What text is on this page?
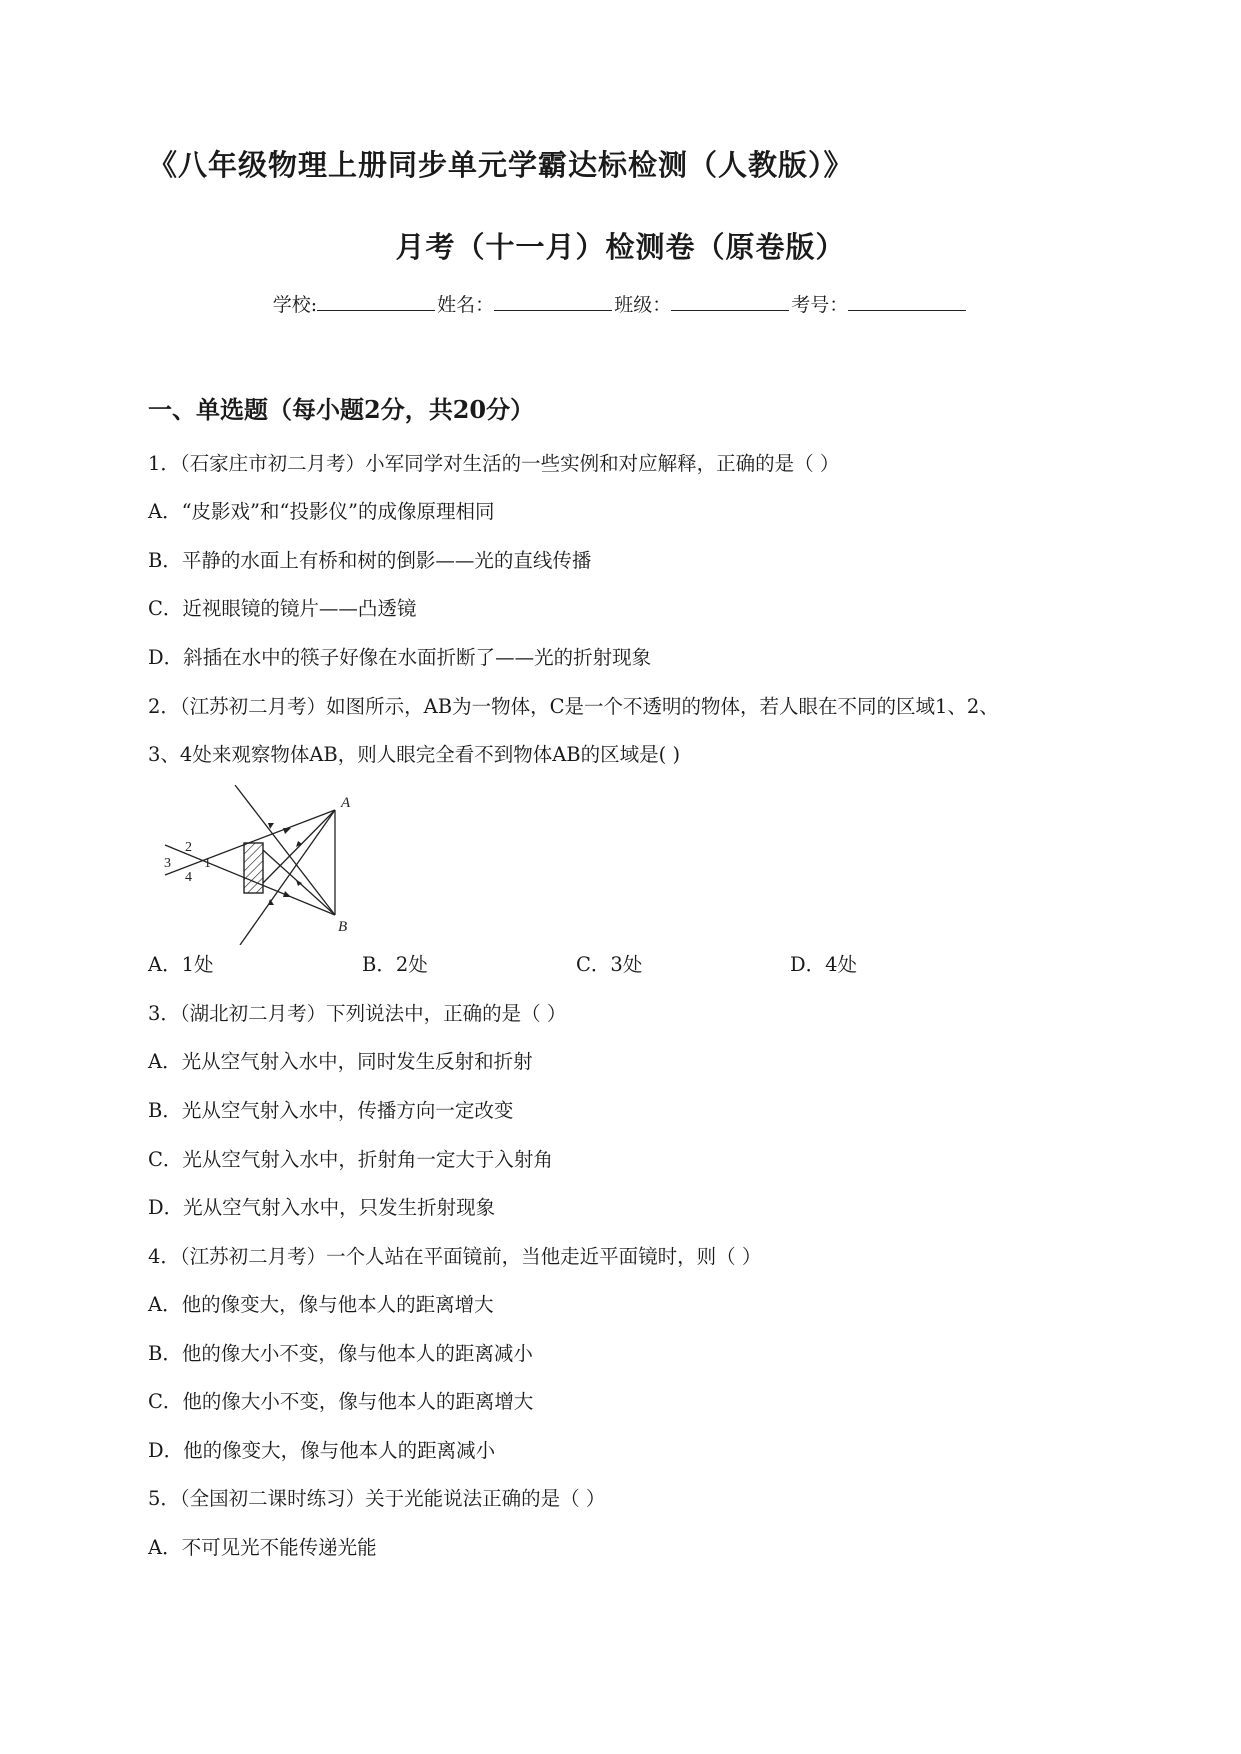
《八年级物理上册同步单元学霸达标检测（人教版）》
月考（十一月）检测卷（原卷版）
学校:	姓名：	班级：	考号：
一、单选题（每小题2分，共20分）
1．（石家庄市初二月考）小军同学对生活的一些实例和对应解释，正确的是（ ）
A．“皮影戏”和“投影仪”的成像原理相同
B．平静的水面上有桥和树的倒影——光的直线传播
C．近视眼镜的镜片——凸透镜
D．斜插在水中的筷子好像在水面折断了——光的折射现象
2．（江苏初二月考）如图所示，AB为一物体，C是一个不透明的物体，若人眼在不同的区域1、2、
3、4处来观察物体AB，则人眼完全看不到物体AB的区域是( )
A
B
1
2
3
4
A．1处	B．2处	C．3处	D．4处
3．（湖北初二月考）下列说法中，正确的是（ ）
A．光从空气射入水中，同时发生反射和折射
B．光从空气射入水中，传播方向一定改变
C．光从空气射入水中，折射角一定大于入射角
D．光从空气射入水中，只发生折射现象
4．（江苏初二月考）一个人站在平面镜前，当他走近平面镜时，则（ ）
A．他的像变大，像与他本人的距离增大
B．他的像大小不变，像与他本人的距离减小
C．他的像大小不变，像与他本人的距离增大
D．他的像变大，像与他本人的距离减小
5．（全国初二课时练习）关于光能说法正确的是（ ）
A．不可见光不能传递光能
